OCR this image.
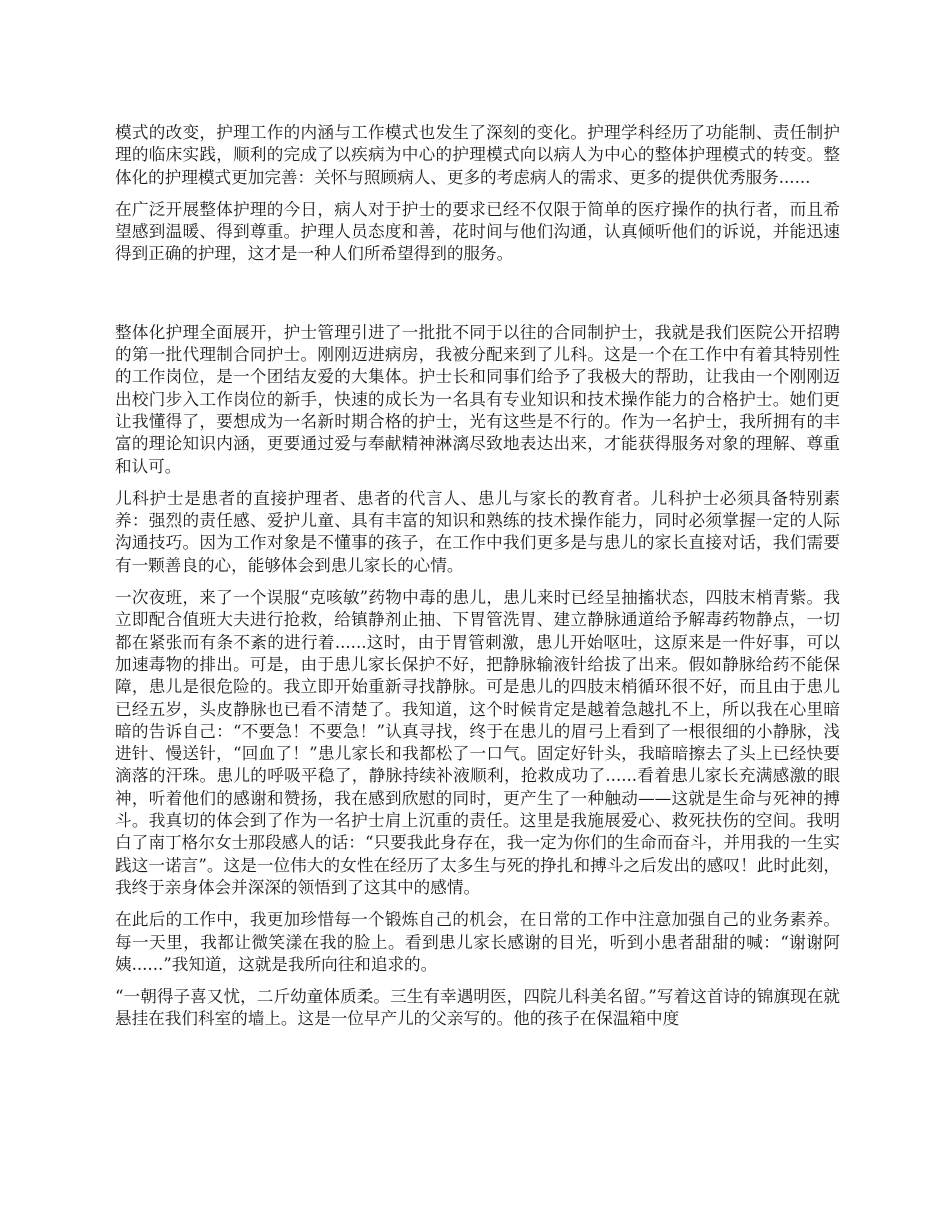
模式的改变，护理工作的内涵与工作模式也发生了深刻的变化。护理学科经历了功能制、责任制护理的临床实践，顺利的完成了以疾病为中心的护理模式向以病人为中心的整体护理模式的转变。整体化的护理模式更加完善：关怀与照顾病人、更多的考虑病人的需求、更多的提供优秀服务......

在广泛开展整体护理的今日，病人对于护士的要求已经不仅限于简单的医疗操作的执行者，而且希望感到温暖、得到尊重。护理人员态度和善，花时间与他们沟通，认真倾听他们的诉说，并能迅速得到正确的护理，这才是一种人们所希望得到的服务。

整体化护理全面展开，护士管理引进了一批批不同于以往的合同制护士，我就是我们医院公开招聘的第一批代理制合同护士。刚刚迈进病房，我被分配来到了儿科。这是一个在工作中有着其特别性的工作岗位，是一个团结友爱的大集体。护士长和同事们给予了我极大的帮助，让我由一个刚刚迈出校门步入工作岗位的新手，快速的成长为一名具有专业知识和技术操作能力的合格护士。她们更让我懂得了，要想成为一名新时期合格的护士，光有这些是不行的。作为一名护士，我所拥有的丰富的理论知识内涵，更要通过爱与奉献精神淋漓尽致地表达出来，才能获得服务对象的理解、尊重和认可。

儿科护士是患者的直接护理者、患者的代言人、患儿与家长的教育者。儿科护士必须具备特别素养：强烈的责任感、爱护儿童、具有丰富的知识和熟练的技术操作能力，同时必须掌握一定的人际沟通技巧。因为工作对象是不懂事的孩子，在工作中我们更多是与患儿的家长直接对话，我们需要有一颗善良的心，能够体会到患儿家长的心情。

一次夜班，来了一个误服“克咳敏”药物中毒的患儿，患儿来时已经呈抽搐状态，四肢末梢青紫。我立即配合值班大夫进行抢救，给镇静剂止抽、下胃管洗胃、建立静脉通道给予解毒药物静点，一切都在紧张而有条不紊的进行着......这时，由于胃管刺激，患儿开始呕吐，这原来是一件好事，可以加速毒物的排出。可是，由于患儿家长保护不好，把静脉输液针给拔了出来。假如静脉给药不能保障，患儿是很危险的。我立即开始重新寻找静脉。可是患儿的四肢末梢循环很不好，而且由于患儿已经五岁，头皮静脉也已看不清楚了。我知道，这个时候肯定是越着急越扎不上，所以我在心里暗暗的告诉自己：“不要急！不要急！”认真寻找，终于在患儿的眉弓上看到了一根很细的小静脉，浅进针、慢送针，“回血了！”患儿家长和我都松了一口气。固定好针头，我暗暗擦去了头上已经快要滴落的汗珠。患儿的呼吸平稳了，静脉持续补液顺利，抢救成功了......看着患儿家长充满感激的眼神，听着他们的感谢和赞扬，我在感到欣慰的同时，更产生了一种触动——这就是生命与死神的搏斗。我真切的体会到了作为一名护士肩上沉重的责任。这里是我施展爱心、救死扶伤的空间。我明白了南丁格尔女士那段感人的话：“只要我此身存在，我一定为你们的生命而奋斗，并用我的一生实践这一诺言”。这是一位伟大的女性在经历了太多生与死的挣扎和搏斗之后发出的感叹！此时此刻，我终于亲身体会并深深的领悟到了这其中的感情。

在此后的工作中，我更加珍惜每一个锻炼自己的机会，在日常的工作中注意加强自己的业务素养。每一天里，我都让微笑漾在我的脸上。看到患儿家长感谢的目光，听到小患者甜甜的喊：“谢谢阿姨......”我知道，这就是我所向往和追求的。

“一朝得子喜又忧，二斤幼童体质柔。三生有幸遇明医，四院儿科美名留。”写着这首诗的锦旗现在就悬挂在我们科室的墙上。这是一位早产儿的父亲写的。他的孩子在保温箱中度
